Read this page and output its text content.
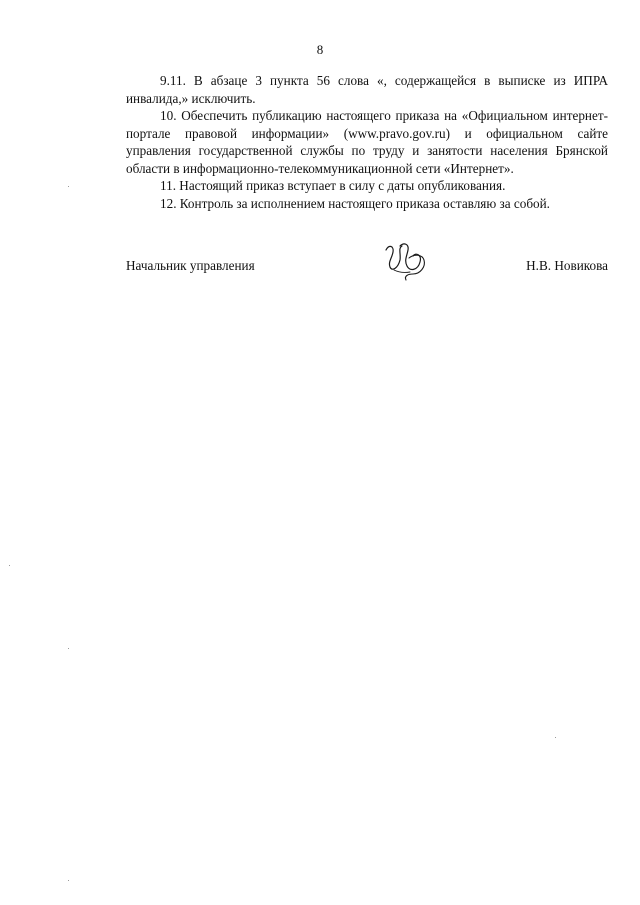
8

9.11. В абзаце 3 пункта 56 слова «, содержащейся в выписке из ИПРА инвалида,» исключить.

10. Обеспечить публикацию настоящего приказа на «Официальном интернет-портале правовой информации» (www.pravo.gov.ru) и официальном сайте управления государственной службы по труду и занятости населения Брянской области в информационно-телекоммуникационной сети «Интернет».

11. Настоящий приказ вступает в силу с даты опубликования.

12. Контроль за исполнением настоящего приказа оставляю за собой.

Начальник управления	Н.В. Новикова
